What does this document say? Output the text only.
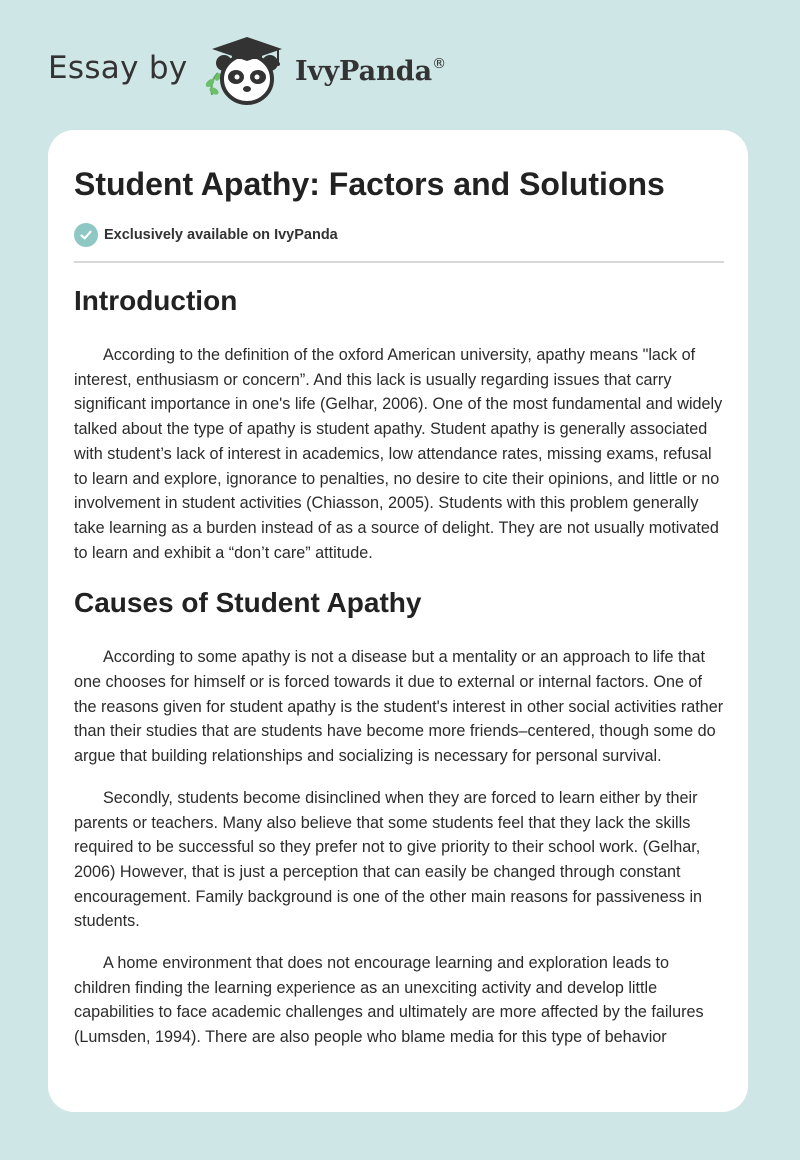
Essay by	IvyPanda®
Student Apathy: Factors and Solutions
Exclusively available on IvyPanda
Introduction

According to the definition of the oxford American university, apathy means "lack of interest, enthusiasm or concern”. And this lack is usually regarding issues that carry significant importance in one's life (Gelhar, 2006). One of the most fundamental and widely talked about the type of apathy is student apathy. Student apathy is generally associated with student’s lack of interest in academics, low attendance rates, missing exams, refusal to learn and explore, ignorance to penalties, no desire to cite their opinions, and little or no involvement in student activities (Chiasson, 2005). Students with this problem generally take learning as a burden instead of as a source of delight. They are not usually motivated to learn and exhibit a “don’t care” attitude.

Causes of Student Apathy

According to some apathy is not a disease but a mentality or an approach to life that one chooses for himself or is forced towards it due to external or internal factors. One of the reasons given for student apathy is the student's interest in other social activities rather than their studies that are students have become more friends–centered, though some do argue that building relationships and socializing is necessary for personal survival.

Secondly, students become disinclined when they are forced to learn either by their parents or teachers. Many also believe that some students feel that they lack the skills required to be successful so they prefer not to give priority to their school work. (Gelhar, 2006) However, that is just a perception that can easily be changed through constant encouragement. Family background is one of the other main reasons for passiveness in students.

A home environment that does not encourage learning and exploration leads to children finding the learning experience as an unexciting activity and develop little capabilities to face academic challenges and ultimately are more affected by the failures (Lumsden, 1994). There are also people who blame media for this type of behavior
